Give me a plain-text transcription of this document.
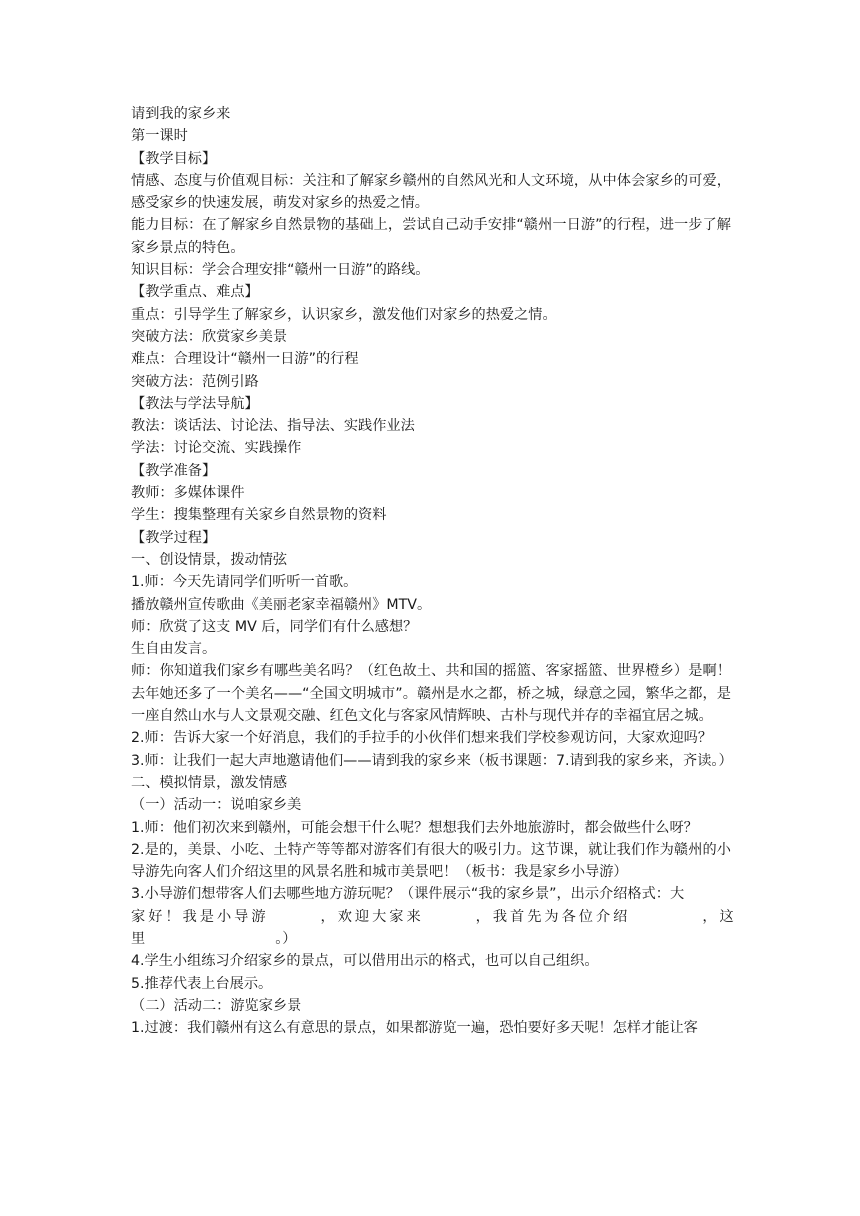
请到我的家乡来
第一课时
【教学目标】
情感、态度与价值观目标：关注和了解家乡赣州的自然风光和人文环境，从中体会家乡的可爱，感受家乡的快速发展，萌发对家乡的热爱之情。
能力目标：在了解家乡自然景物的基础上，尝试自己动手安排“赣州一日游”的行程，进一步了解家乡景点的特色。
知识目标：学会合理安排“赣州一日游”的路线。
【教学重点、难点】
重点：引导学生了解家乡，认识家乡，激发他们对家乡的热爱之情。
突破方法：欣赏家乡美景
难点：合理设计“赣州一日游”的行程
突破方法：范例引路
【教法与学法导航】
教法：谈话法、讨论法、指导法、实践作业法
学法：讨论交流、实践操作
【教学准备】
教师：多媒体课件
学生：搜集整理有关家乡自然景物的资料
【教学过程】
一、创设情景，拨动情弦
1.师：今天先请同学们听听一首歌。
播放赣州宣传歌曲《美丽老家幸福赣州》MTV。
师：欣赏了这支 MV 后，同学们有什么感想？
生自由发言。
师：你知道我们家乡有哪些美名吗？（红色故土、共和国的摇篮、客家摇篮、世界橙乡）是啊！去年她还多了一个美名——“全国文明城市”。赣州是水之都，桥之城，绿意之园，繁华之都，是一座自然山水与人文景观交融、红色文化与客家风情辉映、古朴与现代并存的幸福宜居之城。
2.师：告诉大家一个好消息，我们的手拉手的小伙伴们想来我们学校参观访问，大家欢迎吗？
3.师：让我们一起大声地邀请他们——请到我的家乡来（板书课题：7.请到我的家乡来，齐读。）
二、模拟情景，激发情感
（一）活动一：说咱家乡美
1.师：他们初次来到赣州，可能会想干什么呢？想想我们去外地旅游时，都会做些什么呀？
2.是的，美景、小吃、土特产等等都对游客们有很大的吸引力。这节课，就让我们作为赣州的小导游先向客人们介绍这里的风景名胜和城市美景吧！（板书：我是家乡小导游）
3.小导游们想带客人们去哪些地方游玩呢？（课件展示“我的家乡景”，出示介绍格式：大
家好！我是小导游	，欢迎大家来	，我首先为各位介绍	，这
里	。）
4.学生小组练习介绍家乡的景点，可以借用出示的格式，也可以自己组织。
5.推荐代表上台展示。
（二）活动二：游览家乡景
1.过渡：我们赣州有这么有意思的景点，如果都游览一遍，恐怕要好多天呢！怎样才能让客
